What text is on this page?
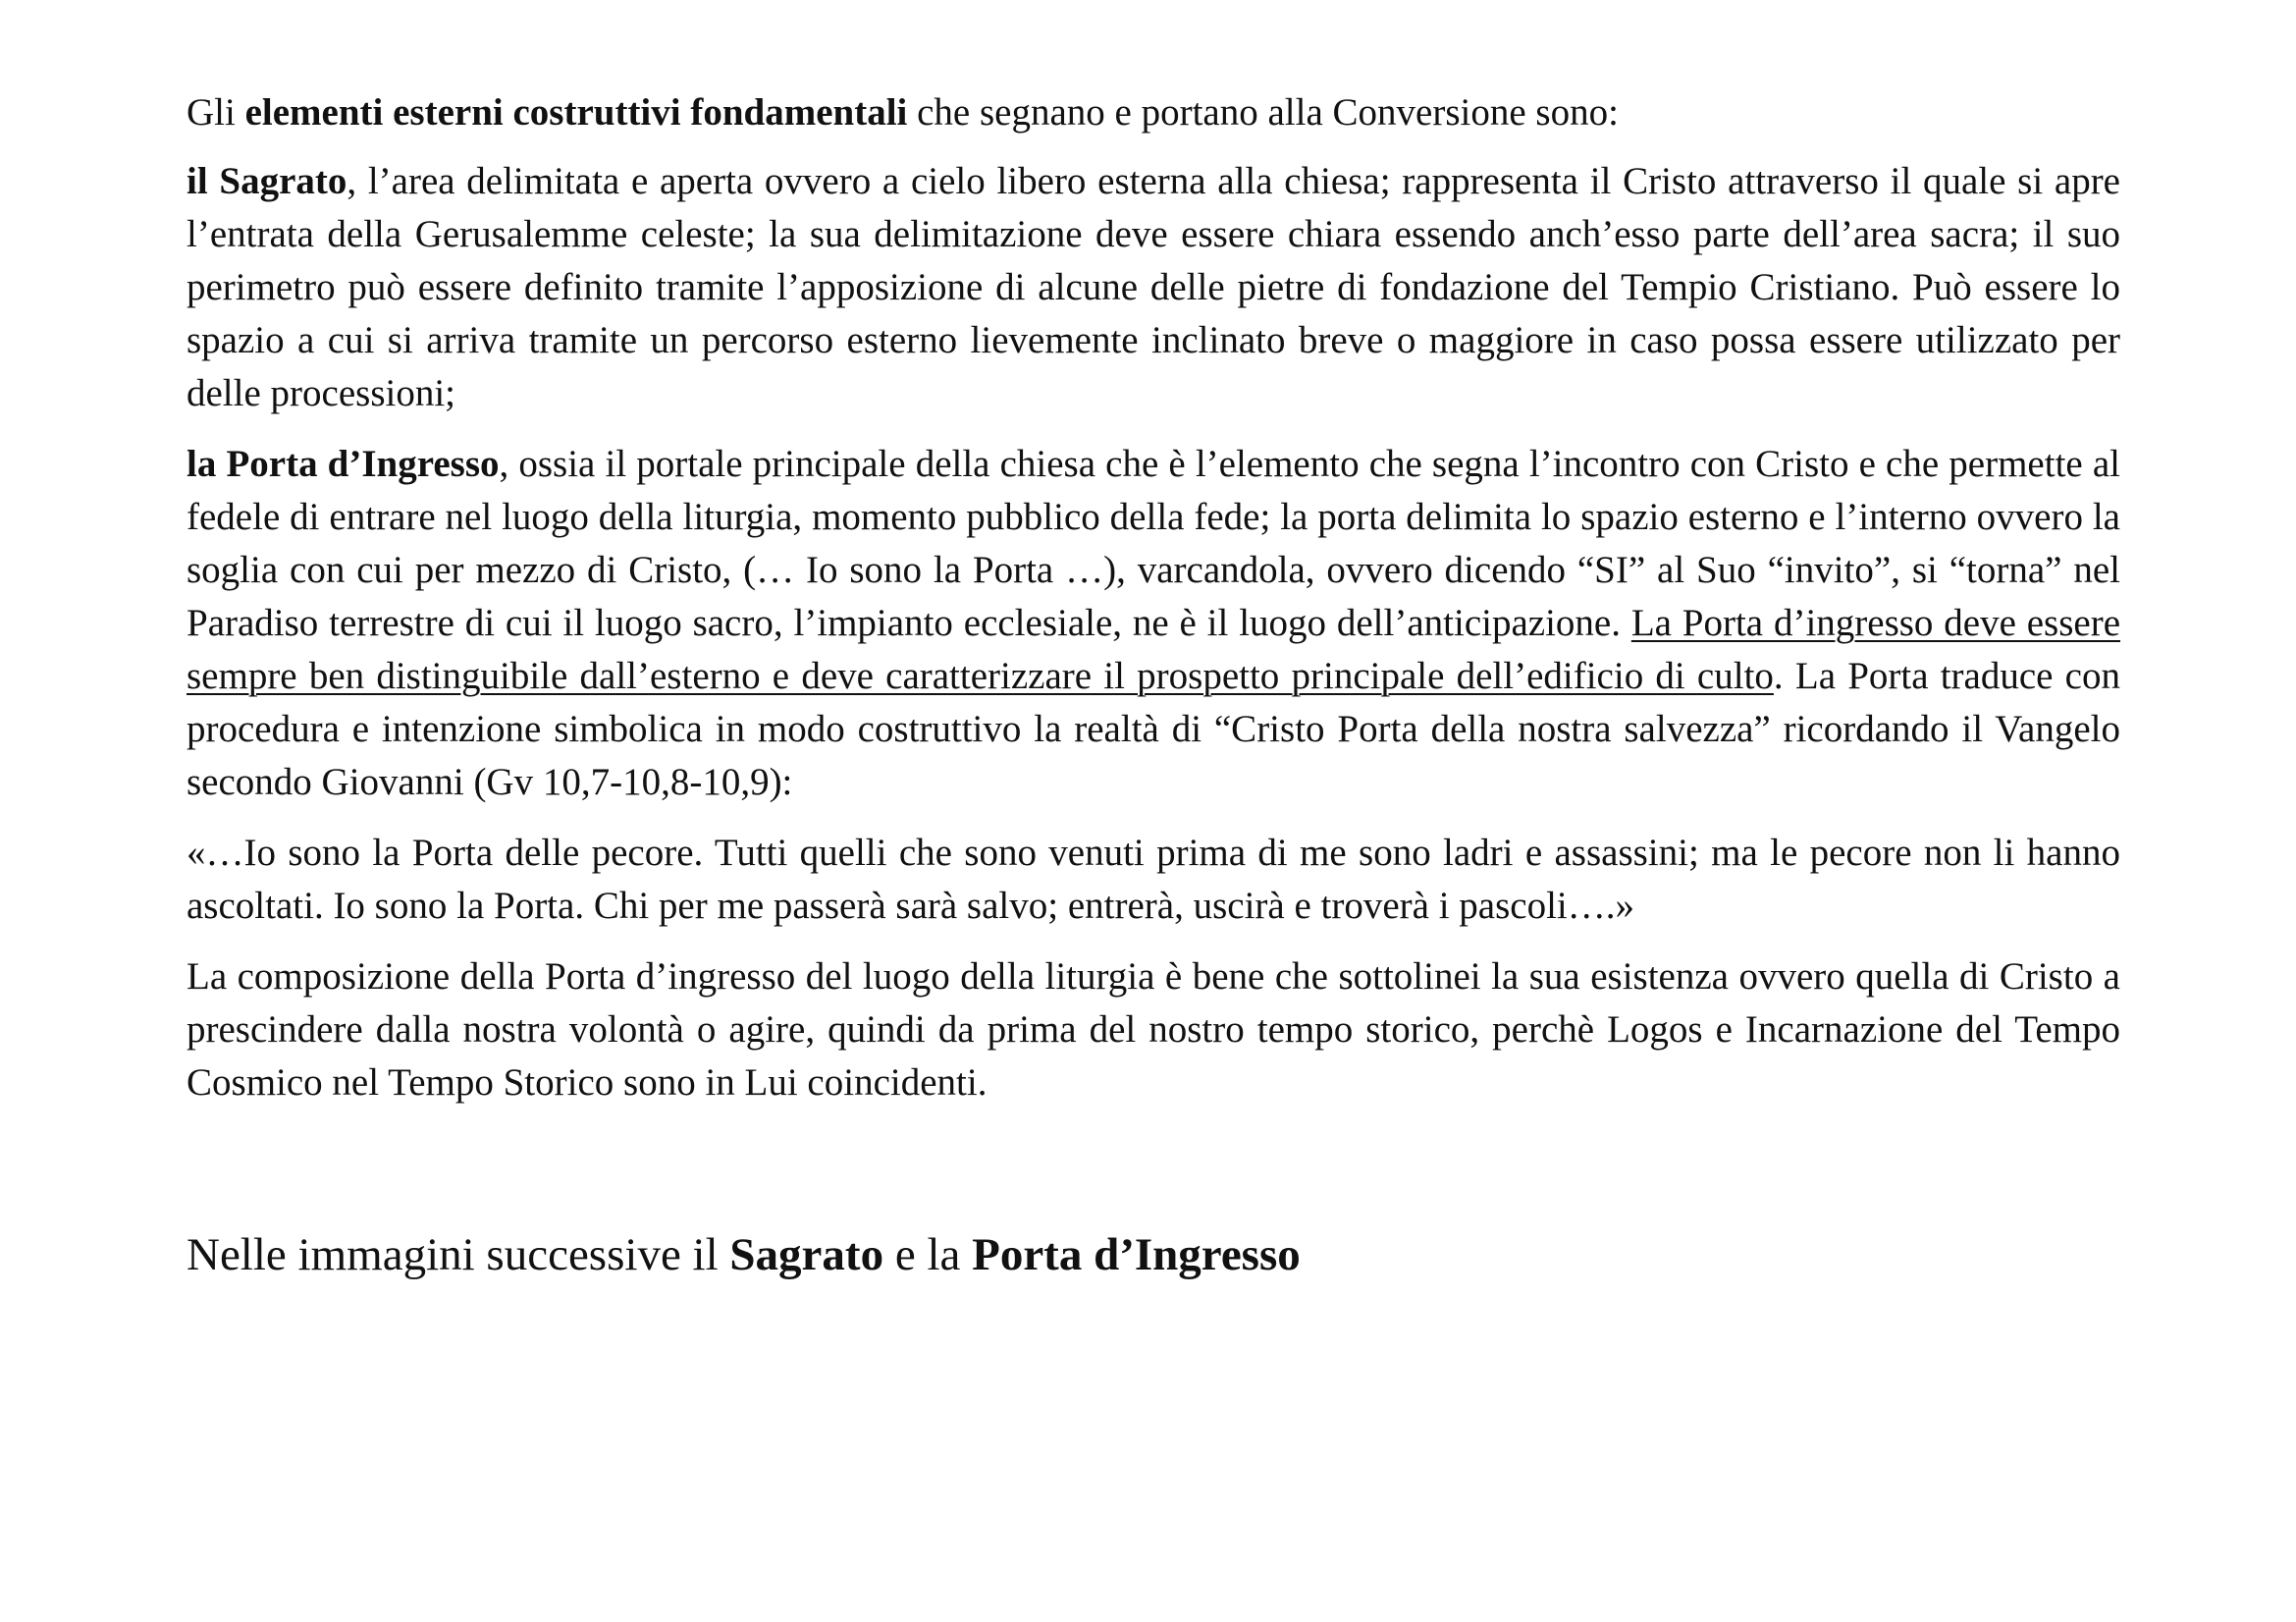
Gli elementi esterni costruttivi fondamentali che segnano e portano alla Conversione sono:

il Sagrato, l’area delimitata e aperta ovvero a cielo libero esterna alla chiesa; rappresenta il Cristo attraverso il quale si apre l’entrata della Gerusalemme celeste; la sua delimitazione deve essere chiara essendo anch’esso parte dell’area sacra; il suo perimetro può essere definito tramite l’apposizione di alcune delle pietre di fondazione del Tempio Cristiano. Può essere lo spazio a cui si arriva tramite un percorso esterno lievemente inclinato breve o maggiore in caso possa essere utilizzato per delle processioni;

la Porta d’Ingresso, ossia il portale principale della chiesa che è l’elemento che segna l’incontro con Cristo e che permette al fedele di entrare nel luogo della liturgia, momento pubblico della fede; la porta delimita lo spazio esterno e l’interno ovvero la soglia con cui per mezzo di Cristo, (… Io sono la Porta …), varcandola, ovvero dicendo “SI” al Suo “invito”, si “torna” nel Paradiso terrestre di cui il luogo sacro, l’impianto ecclesiale, ne è il luogo dell’anticipazione. La Porta d’ingresso deve essere sempre ben distinguibile dall’esterno e deve caratterizzare il prospetto principale dell’edificio di culto. La Porta traduce con procedura e intenzione simbolica in modo costruttivo la realtà di “Cristo Porta della nostra salvezza” ricordando il Vangelo secondo Giovanni (Gv 10,7-10,8-10,9):

«…Io sono la Porta delle pecore. Tutti quelli che sono venuti prima di me sono ladri e assassini; ma le pecore non li hanno ascoltati. Io sono la Porta. Chi per me passerà sarà salvo; entrerà, uscirà e troverà i pascoli….»

La composizione della Porta d’ingresso del luogo della liturgia è bene che sottolinei la sua esistenza ovvero quella di Cristo a prescindere dalla nostra volontà o agire, quindi da prima del nostro tempo storico, perchè Logos e Incarnazione del Tempo Cosmico nel Tempo Storico sono in Lui coincidenti.

Nelle immagini successive il Sagrato e la Porta d’Ingresso
